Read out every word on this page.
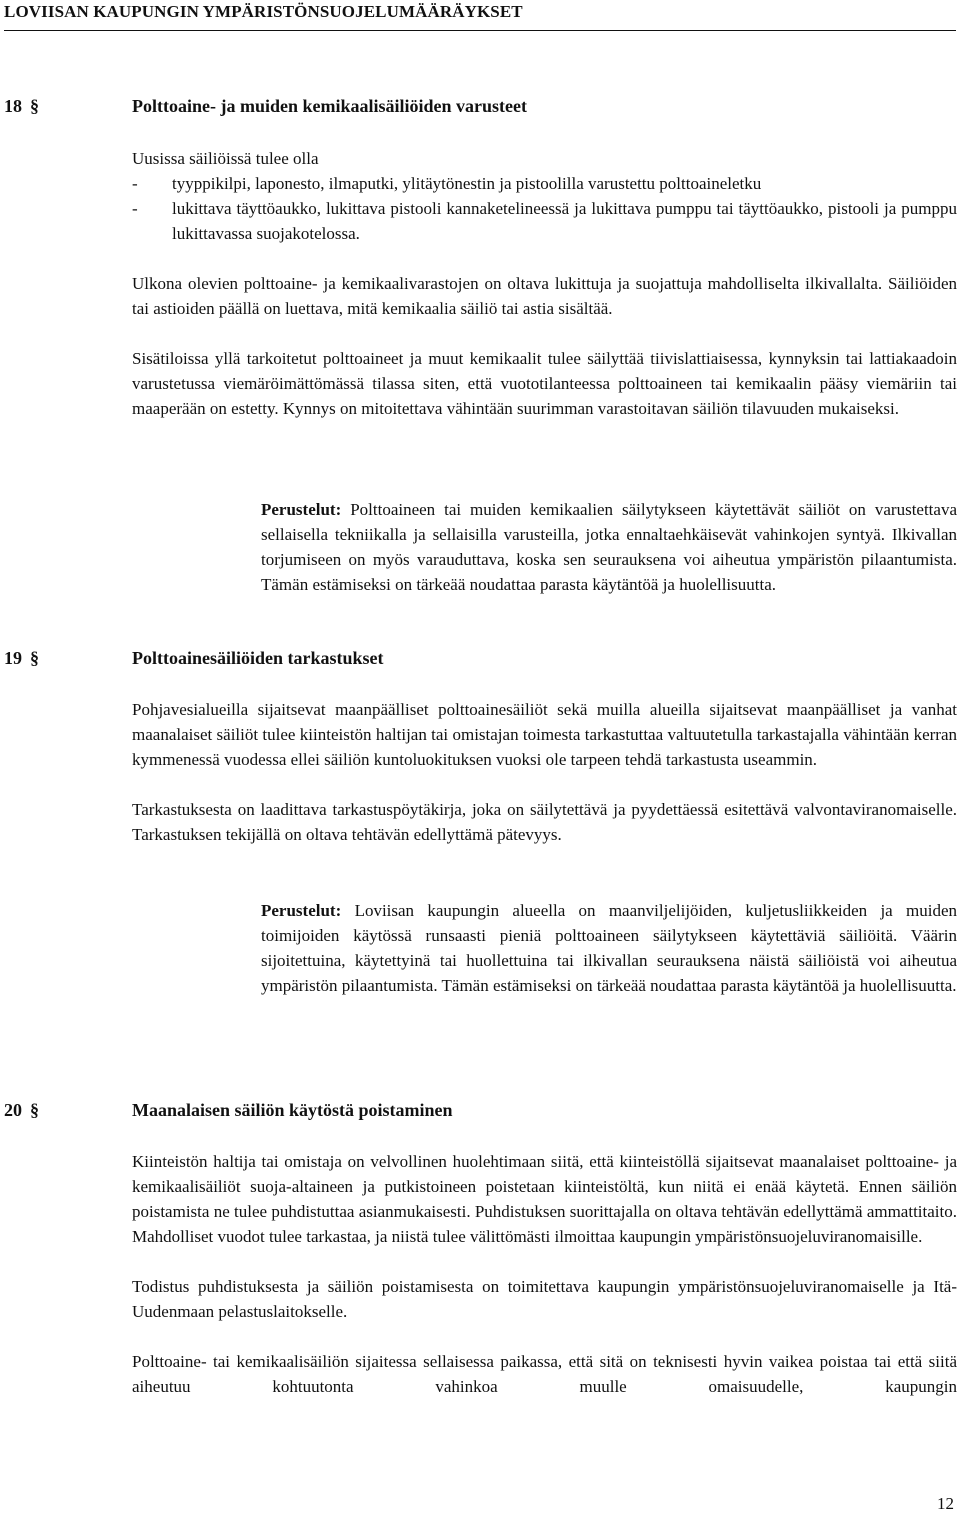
LOVIISAN KAUPUNGIN YMPÄRISTÖNSUOJELUMÄÄRÄYKSET
18 §	Polttoaine- ja muiden kemikaalisäiliöiden varusteet

Uusissa säiliöissä tulee olla
-	tyyppikilpi, laponesto, ilmaputki, ylitäytönestin ja pistoolilla varustettu polttoaineletku
-	lukittava täyttöaukko, lukittava pistooli kannaketelineessä ja lukittava pumppu tai täyttöaukko, pistooli ja pumppu lukittavassa suojakotelossa.

Ulkona olevien polttoaine- ja kemikaalivarastojen on oltava lukittuja ja suojattuja mahdolliselta ilkivallalta. Säiliöiden tai astioiden päällä on luettava, mitä kemikaalia säiliö tai astia sisältää.

Sisätiloissa yllä tarkoitetut polttoaineet ja muut kemikaalit tulee säilyttää tiivislattiaisessa, kynnyksin tai lattiakaadoin varustetussa viemäröimättömässä tilassa siten, että vuototilanteessa polttoaineen tai kemikaalin pääsy viemäriin tai maaperään on estetty. Kynnys on mitoitettava vähintään suurimman varastoitavan säiliön tilavuuden mukaiseksi.

Perustelut: Polttoaineen tai muiden kemikaalien säilytykseen käytettävät säiliöt on varustettava sellaisella tekniikalla ja sellaisilla varusteilla, jotka ennaltaehkäisevät vahinkojen syntyä. Ilkivallan torjumiseen on myös varauduttava, koska sen seurauksena voi aiheutua ympäristön pilaantumista. Tämän estämiseksi on tärkeää noudattaa parasta käytäntöä ja huolellisuutta.

19 §	Polttoainesäiliöiden tarkastukset

Pohjavesialueilla sijaitsevat maanpäälliset polttoainesäiliöt sekä muilla alueilla sijaitsevat maanpäälliset ja vanhat maanalaiset säiliöt tulee kiinteistön haltijan tai omistajan toimesta tarkastuttaa valtuutetulla tarkastajalla vähintään kerran kymmenessä vuodessa ellei säiliön kuntoluokituksen vuoksi ole tarpeen tehdä tarkastusta useammin.

Tarkastuksesta on laadittava tarkastuspöytäkirja, joka on säilytettävä ja pyydettäessä esitettävä valvontaviranomaiselle. Tarkastuksen tekijällä on oltava tehtävän edellyttämä pätevyys.

Perustelut: Loviisan kaupungin alueella on maanviljelijöiden, kuljetusliikkeiden ja muiden toimijoiden käytössä runsaasti pieniä polttoaineen säilytykseen käytettäviä säiliöitä. Väärin sijoitettuina, käytettyinä tai huollettuina tai ilkivallan seurauksena näistä säiliöistä voi aiheutua ympäristön pilaantumista. Tämän estämiseksi on tärkeää noudattaa parasta käytäntöä ja huolellisuutta.

20 §	Maanalaisen säiliön käytöstä poistaminen

Kiinteistön haltija tai omistaja on velvollinen huolehtimaan siitä, että kiinteistöllä sijaitsevat maanalaiset polttoaine- ja kemikaalisäiliöt suoja-altaineen ja putkistoineen poistetaan kiinteistöltä, kun niitä ei enää käytetä. Ennen säiliön poistamista ne tulee puhdistuttaa asianmukaisesti. Puhdistuksen suorittajalla on oltava tehtävän edellyttämä ammattitaito. Mahdolliset vuodot tulee tarkastaa, ja niistä tulee välittömästi ilmoittaa kaupungin ympäristönsuojeluviranomaisille.

Todistus puhdistuksesta ja säiliön poistamisesta on toimitettava kaupungin ympäristönsuojeluviranomaiselle ja Itä-Uudenmaan pelastuslaitokselle.

Polttoaine- tai kemikaalisäiliön sijaitessa sellaisessa paikassa, että sitä on teknisesti hyvin vaikea poistaa tai että siitä aiheutuu kohtuutonta vahinkoa muulle omaisuudelle, kaupungin

12
